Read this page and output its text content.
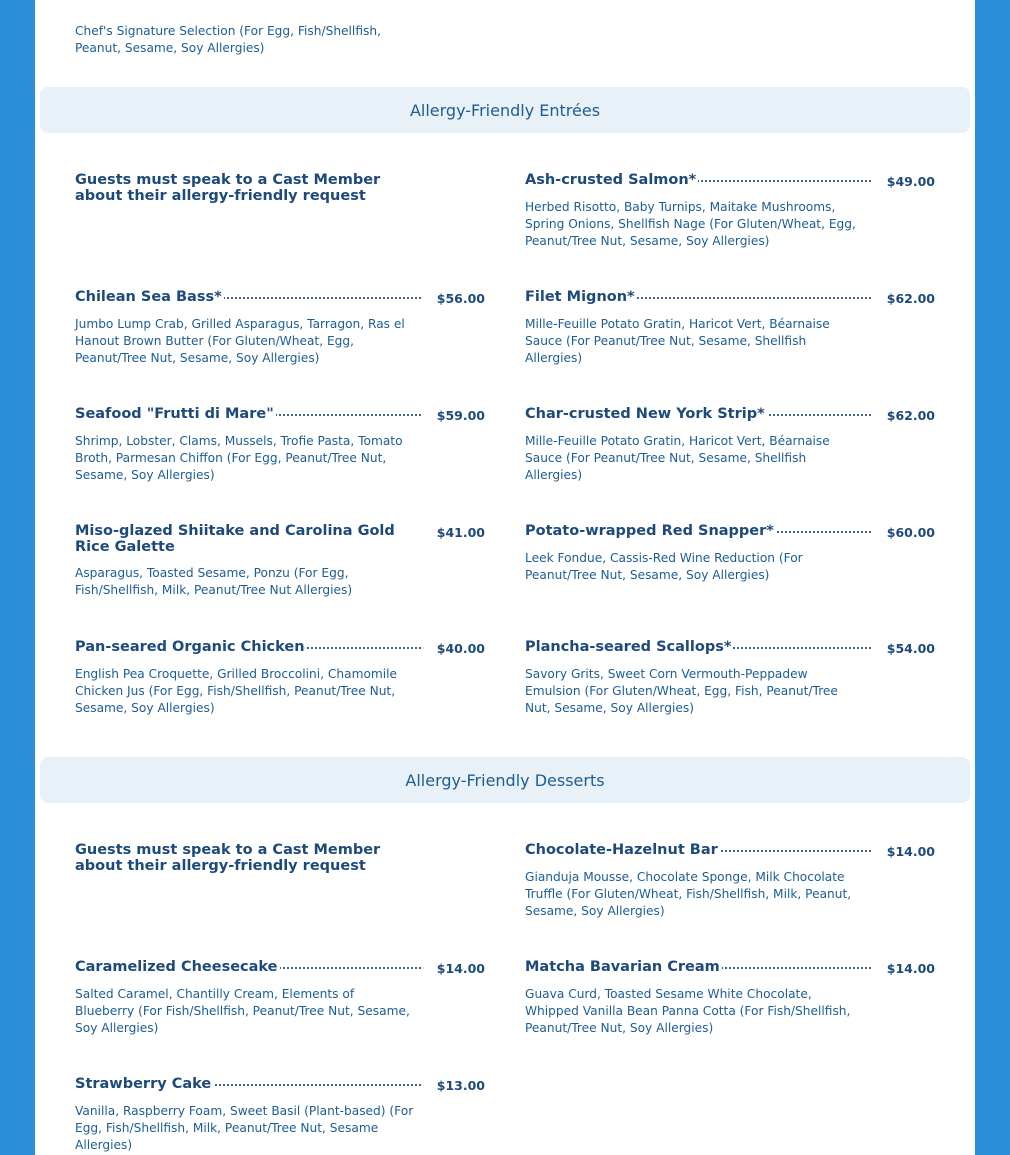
Chef's Signature Selection (For Egg, Fish/Shellfish, Peanut, Sesame, Soy Allergies)
Allergy-Friendly Entrées
Guests must speak to a Cast Member about their allergy-friendly request
Ash-crusted Salmon*	$49.00
Herbed Risotto, Baby Turnips, Maitake Mushrooms, Spring Onions, Shellfish Nage (For Gluten/Wheat, Egg, Peanut/Tree Nut, Sesame, Soy Allergies)
Chilean Sea Bass*	$56.00
Jumbo Lump Crab, Grilled Asparagus, Tarragon, Ras el Hanout Brown Butter (For Gluten/Wheat, Egg, Peanut/Tree Nut, Sesame, Soy Allergies)
Filet Mignon*	$62.00
Mille-Feuille Potato Gratin, Haricot Vert, Béarnaise Sauce (For Peanut/Tree Nut, Sesame, Shellfish Allergies)
Seafood "Frutti di Mare"	$59.00
Shrimp, Lobster, Clams, Mussels, Trofie Pasta, Tomato Broth, Parmesan Chiffon (For Egg, Peanut/Tree Nut, Sesame, Soy Allergies)
Char-crusted New York Strip*	$62.00
Mille-Feuille Potato Gratin, Haricot Vert, Béarnaise Sauce (For Peanut/Tree Nut, Sesame, Shellfish Allergies)
Miso-glazed Shiitake and Carolina Gold Rice Galette
$41.00
Asparagus, Toasted Sesame, Ponzu (For Egg, Fish/Shellfish, Milk, Peanut/Tree Nut Allergies)
Potato-wrapped Red Snapper*	$60.00
Leek Fondue, Cassis-Red Wine Reduction (For Peanut/Tree Nut, Sesame, Soy Allergies)
Pan-seared Organic Chicken	$40.00
English Pea Croquette, Grilled Broccolini, Chamomile Chicken Jus (For Egg, Fish/Shellfish, Peanut/Tree Nut, Sesame, Soy Allergies)
Plancha-seared Scallops*	$54.00
Savory Grits, Sweet Corn Vermouth-Peppadew Emulsion (For Gluten/Wheat, Egg, Fish, Peanut/Tree Nut, Sesame, Soy Allergies)
Allergy-Friendly Desserts
Guests must speak to a Cast Member about their allergy-friendly request
Chocolate-Hazelnut Bar	$14.00
Gianduja Mousse, Chocolate Sponge, Milk Chocolate Truffle (For Gluten/Wheat, Fish/Shellfish, Milk, Peanut, Sesame, Soy Allergies)
Caramelized Cheesecake	$14.00
Salted Caramel, Chantilly Cream, Elements of Blueberry (For Fish/Shellfish, Peanut/Tree Nut, Sesame, Soy Allergies)
Matcha Bavarian Cream	$14.00
Guava Curd, Toasted Sesame White Chocolate, Whipped Vanilla Bean Panna Cotta (For Fish/Shellfish, Peanut/Tree Nut, Soy Allergies)
Strawberry Cake	$13.00
Vanilla, Raspberry Foam, Sweet Basil (Plant-based) (For Egg, Fish/Shellfish, Milk, Peanut/Tree Nut, Sesame Allergies)
